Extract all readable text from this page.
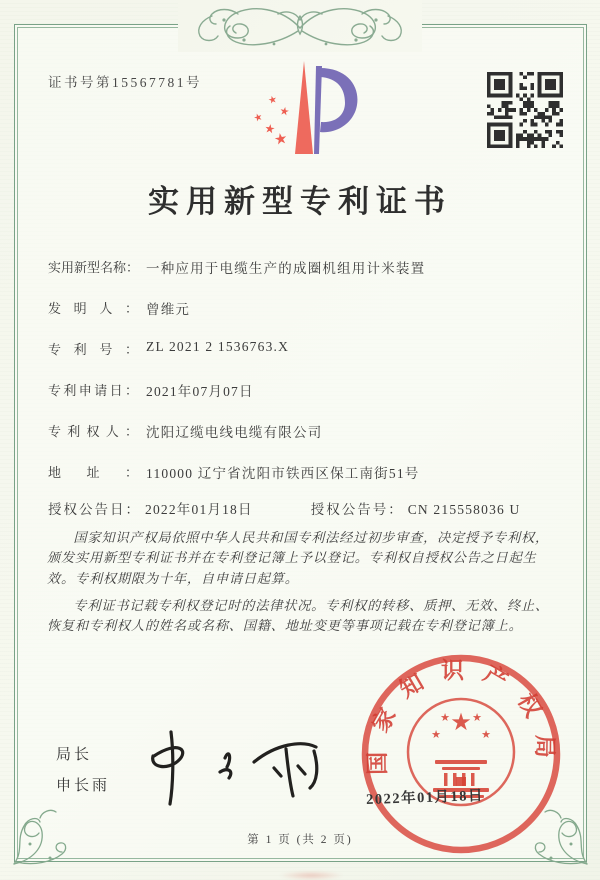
证书号第15567781号
★
★
★
★
★
实用新型专利证书
实用新型名称： 一种应用于电缆生产的成圈机组用计米装置
发明人： 曾维元
专利号： ZL 2021 2 1536763.X
专利申请日： 2021年07月07日
专利权人： 沈阳辽缆电线电缆有限公司
地址： 110000 辽宁省沈阳市铁西区保工南街51号
授权公告日： 2022年01月18日	授权公告号： CN 215558036 U

国家知识产权局依照中华人民共和国专利法经过初步审查，决定授予专利权，颁发实用新型专利证书并在专利登记簿上予以登记。专利权自授权公告之日起生效。专利权期限为十年，自申请日起算。

专利证书记载专利权登记时的法律状况。专利权的转移、质押、无效、终止、恢复和专利权人的姓名或名称、国籍、地址变更等事项记载在专利登记簿上。

局长
申长雨
国家知识产权局
★
★
★ ★
★
2022年01月18日
第 1 页 (共 2 页)
